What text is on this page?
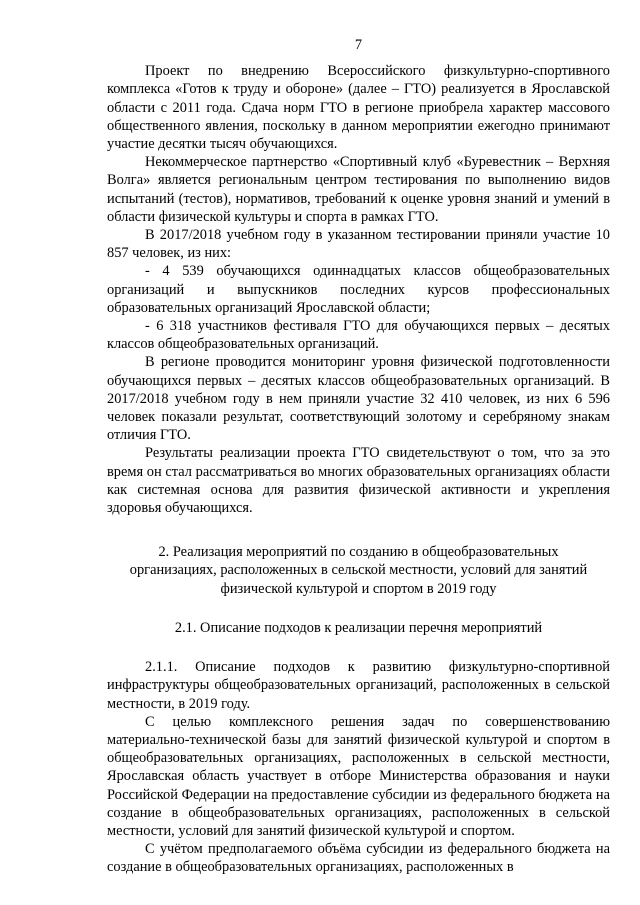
7

Проект по внедрению Всероссийского физкультурно-спортивного комплекса «Готов к труду и обороне» (далее – ГТО) реализуется в Ярославской области с 2011 года. Сдача норм ГТО в регионе приобрела характер массового общественного явления, поскольку в данном мероприятии ежегодно принимают участие десятки тысяч обучающихся.

Некоммерческое партнерство «Спортивный клуб «Буревестник – Верхняя Волга» является региональным центром тестирования по выполнению видов испытаний (тестов), нормативов, требований к оценке уровня знаний и умений в области физической культуры и спорта в рамках ГТО.

В 2017/2018 учебном году в указанном тестировании приняли участие 10 857 человек, из них:

- 4 539 обучающихся одиннадцатых классов общеобразовательных организаций и выпускников последних курсов профессиональных образовательных организаций Ярославской области;

- 6 318 участников фестиваля ГТО для обучающихся первых – десятых классов общеобразовательных организаций.

В регионе проводится мониторинг уровня физической подготовленности обучающихся первых – десятых классов общеобразовательных организаций. В 2017/2018 учебном году в нем приняли участие 32 410 человек, из них 6 596 человек показали результат, соответствующий золотому и серебряному знакам отличия ГТО.

Результаты реализации проекта ГТО свидетельствуют о том, что за это время он стал рассматриваться во многих образовательных организациях области как системная основа для развития физической активности и укрепления здоровья обучающихся.

2. Реализация мероприятий по созданию в общеобразовательных

организациях, расположенных в сельской местности, условий для занятий

физической культурой и спортом в 2019 году

2.1. Описание подходов к реализации перечня мероприятий

2.1.1. Описание подходов к развитию физкультурно-спортивной инфраструктуры общеобразовательных организаций, расположенных в сельской местности, в 2019 году.

С целью комплексного решения задач по совершенствованию материально-технической базы для занятий физической культурой и спортом в общеобразовательных организациях, расположенных в сельской местности, Ярославская область участвует в отборе Министерства образования и науки Российской Федерации на предоставление субсидии из федерального бюджета на создание в общеобразовательных организациях, расположенных в сельской местности, условий для занятий физической культурой и спортом.

С учётом предполагаемого объёма субсидии из федерального бюджета на создание в общеобразовательных организациях, расположенных в
